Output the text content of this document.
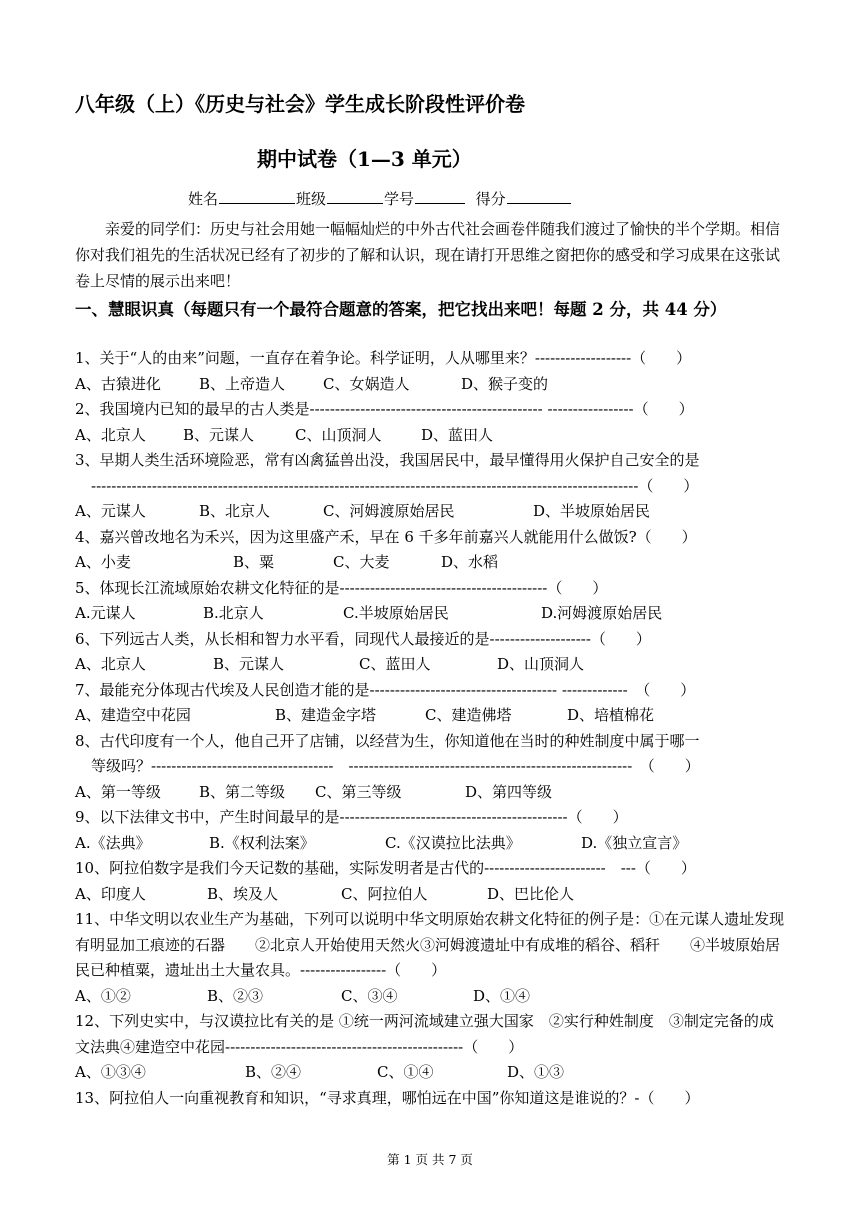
八年级（上）《历史与社会》学生成长阶段性评价卷
期中试卷（1—3 单元）
姓名	班级	学号	得分
亲爱的同学们：历史与社会用她一幅幅灿烂的中外古代社会画卷伴随我们渡过了愉快的半个学期。相信你对我们祖先的生活状况已经有了初步的了解和认识，现在请打开思维之窗把你的感受和学习成果在这张试卷上尽情的展示出来吧！
一、慧眼识真（每题只有一个最符合题意的答案，把它找出来吧！每题 2 分，共 44 分）
1、关于“人的由来”问题，一直存在着争论。科学证明，人从哪里来？-------------------（　　）
A、古猿进化	B、上帝造人	C、女娲造人	D、猴子变的
2、我国境内已知的最早的古人类是---------------------------------------------- -----------------（　　）
A、北京人 B、元谋人	C、山顶洞人	D、蓝田人
3、早期人类生活环境险恶，常有凶禽猛兽出没，我国居民中，最早懂得用火保护自己安全的是
------------------------------------------------------------------------------------------------------------（　　）
A、元谋人	B、北京人	C、河姆渡原始居民	D、半坡原始居民
4、嘉兴曾改地名为禾兴，因为这里盛产禾，早在 6 千多年前嘉兴人就能用什么做饭?（　　）
A、小麦	B、粟	C、大麦	D、水稻
5、体现长江流域原始农耕文化特征的是-----------------------------------------（　　）
A.元谋人	B.北京人	C.半坡原始居民	D.河姆渡原始居民
6、下列远古人类，从长相和智力水平看，同现代人最接近的是--------------------（　　）
A、北京人	B、元谋人	C、蓝田人	D、山顶洞人
7、最能充分体现古代埃及人民创造才能的是------------------------------------- -------------　（　　）
A、建造空中花园	B、建造金字塔	C、建造佛塔	D、培植棉花
8、古代印度有一个人，他自己开了店铺，以经营为生，你知道他在当时的种姓制度中属于哪一
等级吗？------------------------------------　--------------------------------------------------------　（　　）
A、第一等级	B、第二等级 C、第三等级	D、第四等级
9、以下法律文书中，产生时间最早的是---------------------------------------------（　　）
A.《法典》	B.《权利法案》	C.《汉谟拉比法典》	D.《独立宣言》
10、阿拉伯数字是我们今天记数的基础，实际发明者是古代的------------------------　---（　　）
A、印度人	B、埃及人	C、阿拉伯人	D、巴比伦人
11、中华文明以农业生产为基础，下列可以说明中华文明原始农耕文化特征的例子是：①在元谋人遗址发现有明显加工痕迹的石器　　②北京人开始使用天然火③河姆渡遗址中有成堆的稻谷、稻秆　　④半坡原始居民已种植粟，遗址出土大量农具。-----------------（　　）
A、①②	B、②③	C、③④	D、①④
12、下列史实中，与汉谟拉比有关的是 ①统一两河流域建立强大国家　②实行种姓制度　③制定完备的成文法典④建造空中花园-----------------------------------------------（　　）
A、①③④	B、②④	C、①④	D、①③
13、阿拉伯人一向重视教育和知识，“寻求真理，哪怕远在中国”你知道这是谁说的？-（　　）
第 1 页 共 7 页
